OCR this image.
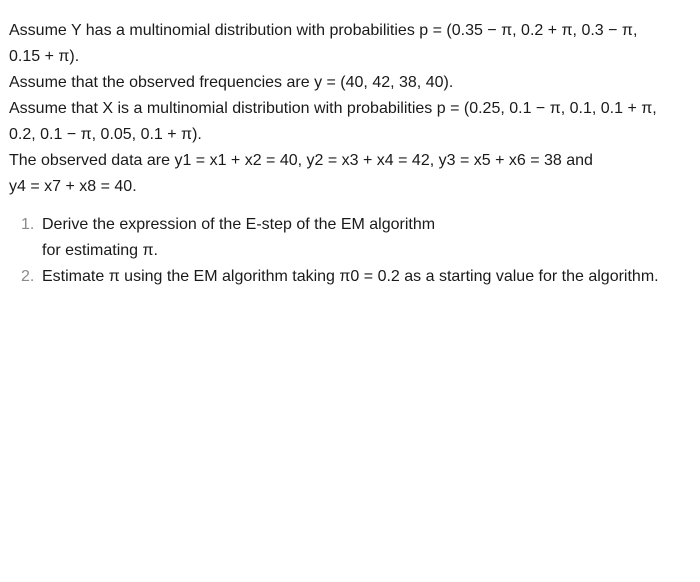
Assume Y has a multinomial distribution with probabilities p = (0.35 − π, 0.2 + π, 0.3 − π,
0.15 + π).

Assume that the observed frequencies are y = (40, 42, 38, 40).

Assume that X is a multinomial distribution with probabilities p = (0.25, 0.1 − π, 0.1, 0.1 + π,
0.2, 0.1 − π, 0.05, 0.1 + π).

The observed data are y1 = x1 + x2 = 40, y2 = x3 + x4 = 42, y3 = x5 + x6 = 38 and
y4 = x7 + x8 = 40.

1. Derive the expression of the E-step of the EM algorithm
for estimating π.
2. Estimate π using the EM algorithm taking π0 = 0.2 as a starting value for the algorithm.
